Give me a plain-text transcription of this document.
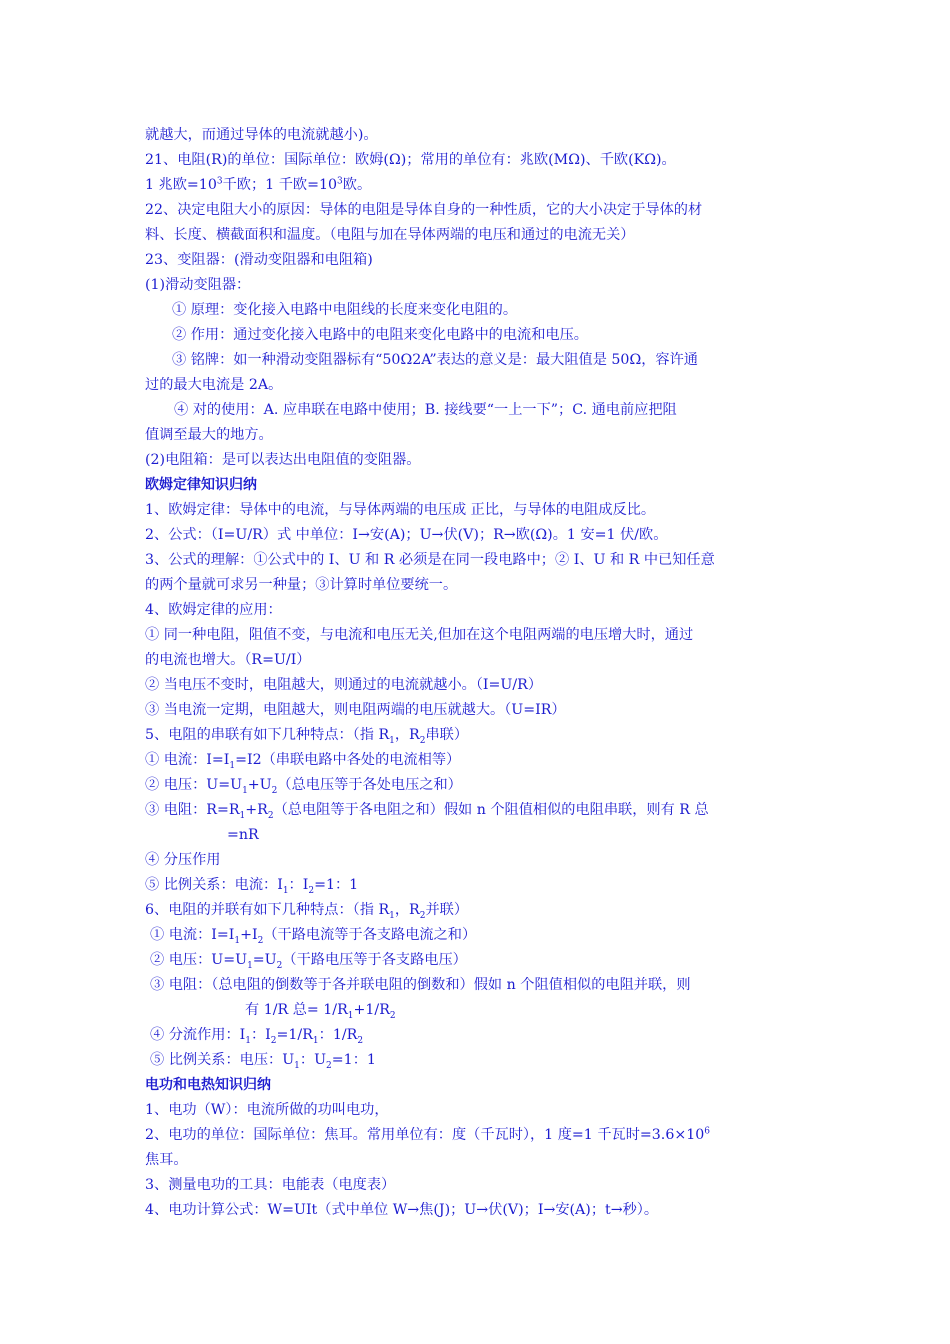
就越大，而通过导体的电流就越小)。
21、电阻(R)的单位：国际单位：欧姆(Ω)；常用的单位有：兆欧(MΩ)、千欧(KΩ)。
1 兆欧$=10^3$千欧；1 千欧$=10^3$欧。
22、决定电阻大小的原因：导体的电阻是导体自身的一种性质，它的大小决定于导体的材
料、长度、横截面积和温度。（电阻与加在导体两端的电压和通过的电流无关）
23、变阻器：(滑动变阻器和电阻箱)
(1)滑动变阻器：
① 原理：变化接入电路中电阻线的长度来变化电阻的。
② 作用：通过变化接入电路中的电阻来变化电路中的电流和电压。
③ 铭牌：如一种滑动变阻器标有“50Ω2A”表达的意义是：最大阻值是 50Ω，容许通
过的最大电流是 2A。
④ 对的使用：A. 应串联在电路中使用；B. 接线要“一上一下”；C. 通电前应把阻
值调至最大的地方。
(2)电阻箱：是可以表达出电阻值的变阻器。
欧姆定律知识归纳
1、欧姆定律：导体中的电流，与导体两端的电压成 正比，与导体的电阻成反比。
2、公式：（I=U/R）式 中单位：I→安(A)；U→伏(V)；R→欧(Ω)。1 安=1 伏/欧。
3、公式的理解：①公式中的 I、U 和 R 必须是在同一段电路中；② I、U 和 R 中已知任意
的两个量就可求另一种量；③计算时单位要统一。
4、欧姆定律的应用：
① 同一种电阻，阻值不变，与电流和电压无关,但加在这个电阻两端的电压增大时，通过
的电流也增大。（R=U/I）
② 当电压不变时，电阻越大，则通过的电流就越小。（I=U/R）
③ 当电流一定期，电阻越大，则电阻两端的电压就越大。（U=IR）
5、电阻的串联有如下几种特点：（指 $R_1$，$R_2$串联）
① 电流：$I=I_1=I2$（串联电路中各处的电流相等）
② 电压：$U=U_1+U_2$（总电压等于各处电压之和）
③ 电阻：$R=R_1+R_2$（总电阻等于各电阻之和）假如 n 个阻值相似的电阻串联，则有 R 总
=nR
④ 分压作用
⑤ 比例关系：电流：$I_1$：$I_2=1$：1
6、电阻的并联有如下几种特点：（指 $R_1$，$R_2$并联）
① 电流：$I=I_1+I_2$（干路电流等于各支路电流之和）
② 电压：$U=U_1=U_2$（干路电压等于各支路电压）
③ 电阻：（总电阻的倒数等于各并联电阻的倒数和）假如 n 个阻值相似的电阻并联，则
有 1/R 总= $1/R_1+1/R_2$
④ 分流作用：$I_1$：$I_2=1/R_1$：$1/R_2$
⑤ 比例关系：电压：$U_1$：$U_2=1$：1
电功和电热知识归纳
1、电功（W）：电流所做的功叫电功，
2、电功的单位：国际单位：焦耳。常用单位有：度（千瓦时），1 度=1 千瓦时$=3.6\times 10^6$
焦耳。
3、测量电功的工具：电能表（电度表）
4、电功计算公式：W=UIt（式中单位 W→焦(J)；U→伏(V)；I→安(A)；t→秒）。
